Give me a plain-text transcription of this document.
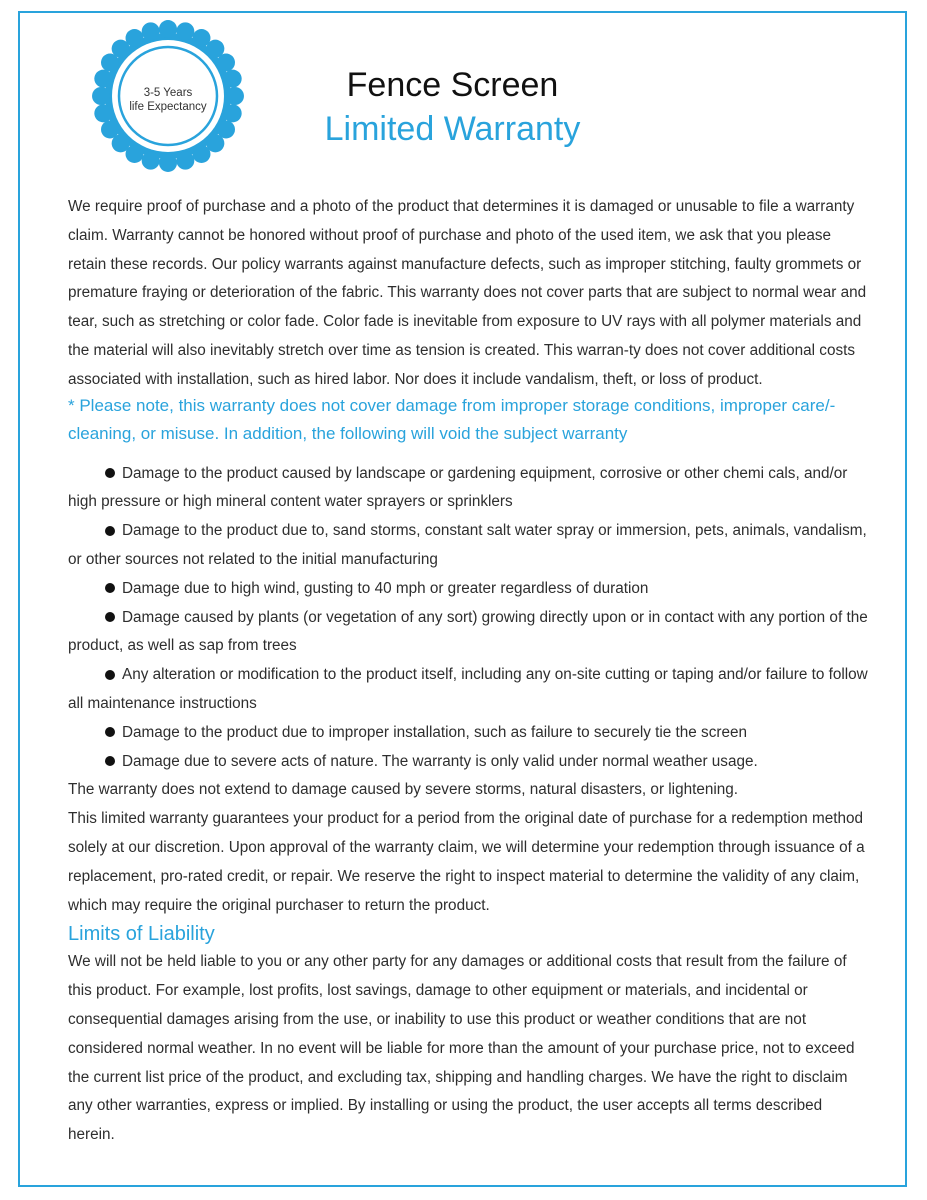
3-5 Years
life Expectancy
Fence Screen
Limited Warranty

We require proof of purchase and a photo of the product that determines it is damaged or unusable to file a warranty claim. Warranty cannot be honored without proof of purchase and photo of the used item, we ask that you please retain these records. Our policy warrants against manufacture defects, such as improper stitching, faulty grommets or premature fraying or deterioration of the fabric. This warranty does not cover parts that are subject to normal wear and tear, such as stretching or color fade. Color fade is inevitable from exposure to UV rays with all polymer materials and the material will also inevitably stretch over time as tension is created. This warran-ty does not cover additional costs associated with installation, such as hired labor. Nor does it include vandalism, theft, or loss of product.

* Please note, this warranty does not cover damage from improper storage conditions, improper care/-cleaning, or misuse. In addition, the following will void the subject warranty

Damage to the product caused by landscape or gardening equipment, corrosive or other chemi cals, and/or high pressure or high mineral content water sprayers or sprinklers

Damage to the product due to, sand storms, constant salt water spray or immersion, pets, animals, vandalism, or other sources not related to the initial manufacturing

Damage due to high wind, gusting to 40 mph or greater regardless of duration

Damage caused by plants (or vegetation of any sort) growing directly upon or in contact with any portion of the product, as well as sap from trees

Any alteration or modification to the product itself, including any on-site cutting or taping and/or failure to follow all maintenance instructions

Damage to the product due to improper installation, such as failure to securely tie the screen

Damage due to severe acts of nature. The warranty is only valid under normal weather usage.

The warranty does not extend to damage caused by severe storms, natural disasters, or lightening.

This limited warranty guarantees your product for a period from the original date of purchase for a redemption method solely at our discretion. Upon approval of the warranty claim, we will determine your redemption through issuance of a replacement, pro-rated credit, or repair. We reserve the right to inspect material to determine the validity of any claim, which may require the original purchaser to return the product.

Limits of Liability

We will not be held liable to you or any other party for any damages or additional costs that result from the failure of this product. For example, lost profits, lost savings, damage to other equipment or materials, and incidental or consequential damages arising from the use, or inability to use this product or weather conditions that are not considered normal weather. In no event will be liable for more than the amount of your purchase price, not to exceed the current list price of the product, and excluding tax, shipping and handling charges. We have the right to disclaim any other warranties, express or implied. By installing or using the product, the user accepts all terms described herein.
